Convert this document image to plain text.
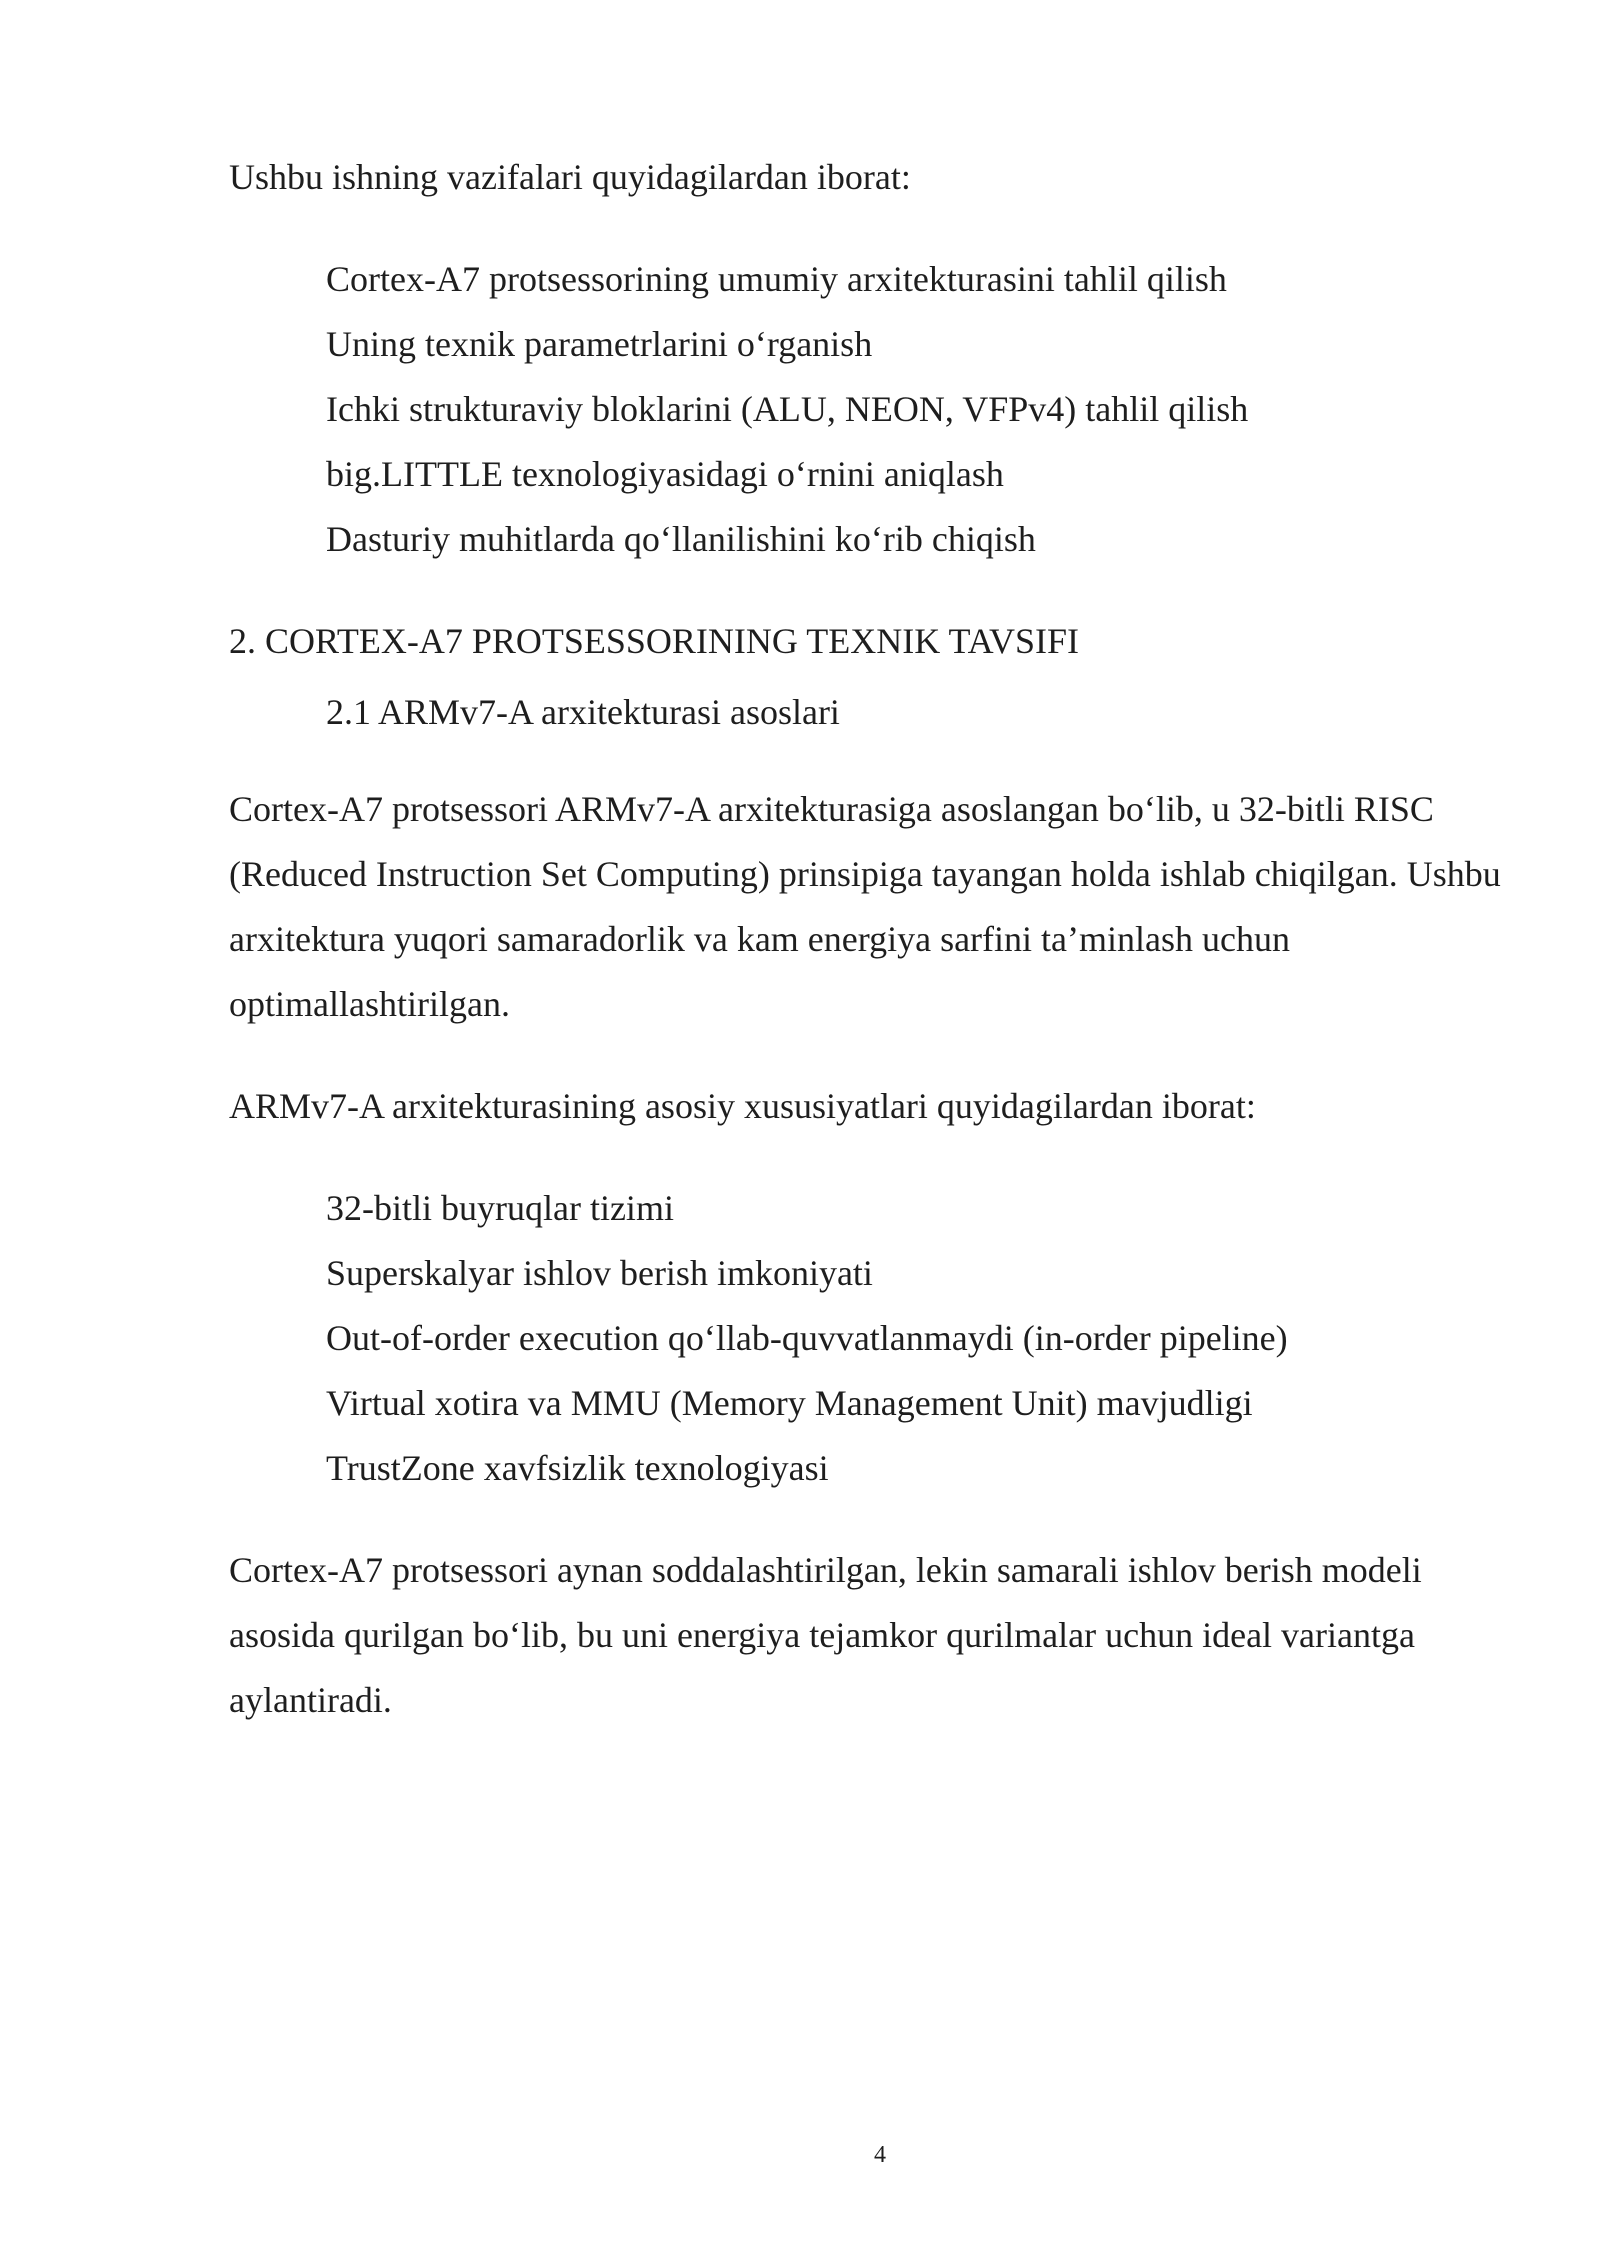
Ushbu ishning vazifalari quyidagilardan iborat:

Cortex-A7 protsessorining umumiy arxitekturasini tahlil qilish
Uning texnik parametrlarini o‘rganish
Ichki strukturaviy bloklarini (ALU, NEON, VFPv4) tahlil qilish
big.LITTLE texnologiyasidagi o‘rnini aniqlash
Dasturiy muhitlarda qo‘llanilishini ko‘rib chiqish
2. CORTEX-A7 PROTSESSORINING TEXNIK TAVSIFI
2.1 ARMv7-A arxitekturasi asoslari

Cortex-A7 protsessori ARMv7-A arxitekturasiga asoslangan bo‘lib, u 32-bitli RISC (Reduced Instruction Set Computing) prinsipiga tayangan holda ishlab chiqilgan. Ushbu arxitektura yuqori samaradorlik va kam energiya sarfini ta’minlash uchun optimallashtirilgan.

ARMv7-A arxitekturasining asosiy xususiyatlari quyidagilardan iborat:

32-bitli buyruqlar tizimi
Superskalyar ishlov berish imkoniyati
Out-of-order execution qo‘llab-quvvatlanmaydi (in-order pipeline)
Virtual xotira va MMU (Memory Management Unit) mavjudligi
TrustZone xavfsizlik texnologiyasi

Cortex-A7 protsessori aynan soddalashtirilgan, lekin samarali ishlov berish modeli asosida qurilgan bo‘lib, bu uni energiya tejamkor qurilmalar uchun ideal variantga aylantiradi.

4
